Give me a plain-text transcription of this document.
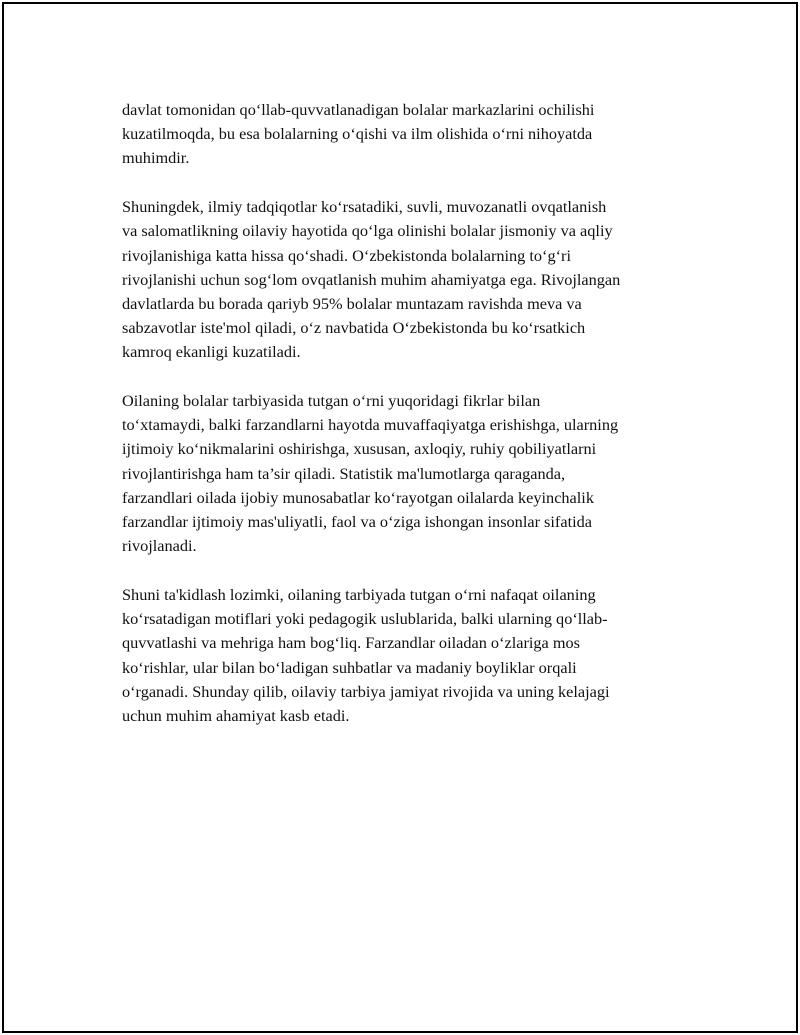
davlat tomonidan qo‘llab-quvvatlanadigan bolalar markazlarini ochilishi
kuzatilmoqda, bu esa bolalarning o‘qishi va ilm olishida o‘rni nihoyatda
muhimdir.

Shuningdek, ilmiy tadqiqotlar ko‘rsatadiki, suvli, muvozanatli ovqatlanish
va salomatlikning oilaviy hayotida qo‘lga olinishi bolalar jismoniy va aqliy
rivojlanishiga katta hissa qo‘shadi. O‘zbekistonda bolalarning to‘g‘ri
rivojlanishi uchun sog‘lom ovqatlanish muhim ahamiyatga ega. Rivojlangan
davlatlarda bu borada qariyb 95% bolalar muntazam ravishda meva va
sabzavotlar iste'mol qiladi, o‘z navbatida O‘zbekistonda bu ko‘rsatkich
kamroq ekanligi kuzatiladi.

Oilaning bolalar tarbiyasida tutgan o‘rni yuqoridagi fikrlar bilan
to‘xtamaydi, balki farzandlarni hayotda muvaffaqiyatga erishishga, ularning
ijtimoiy ko‘nikmalarini oshirishga, xususan, axloqiy, ruhiy qobiliyatlarni
rivojlantirishga ham ta’sir qiladi. Statistik ma'lumotlarga qaraganda,
farzandlari oilada ijobiy munosabatlar ko‘rayotgan oilalarda keyinchalik
farzandlar ijtimoiy mas'uliyatli, faol va o‘ziga ishongan insonlar sifatida
rivojlanadi.

Shuni ta'kidlash lozimki, oilaning tarbiyada tutgan o‘rni nafaqat oilaning
ko‘rsatadigan motiflari yoki pedagogik uslublarida, balki ularning qo‘llab-
quvvatlashi va mehriga ham bog‘liq. Farzandlar oiladan o‘zlariga mos
ko‘rishlar, ular bilan bo‘ladigan suhbatlar va madaniy boyliklar orqali
o‘rganadi. Shunday qilib, oilaviy tarbiya jamiyat rivojida va uning kelajagi
uchun muhim ahamiyat kasb etadi.
